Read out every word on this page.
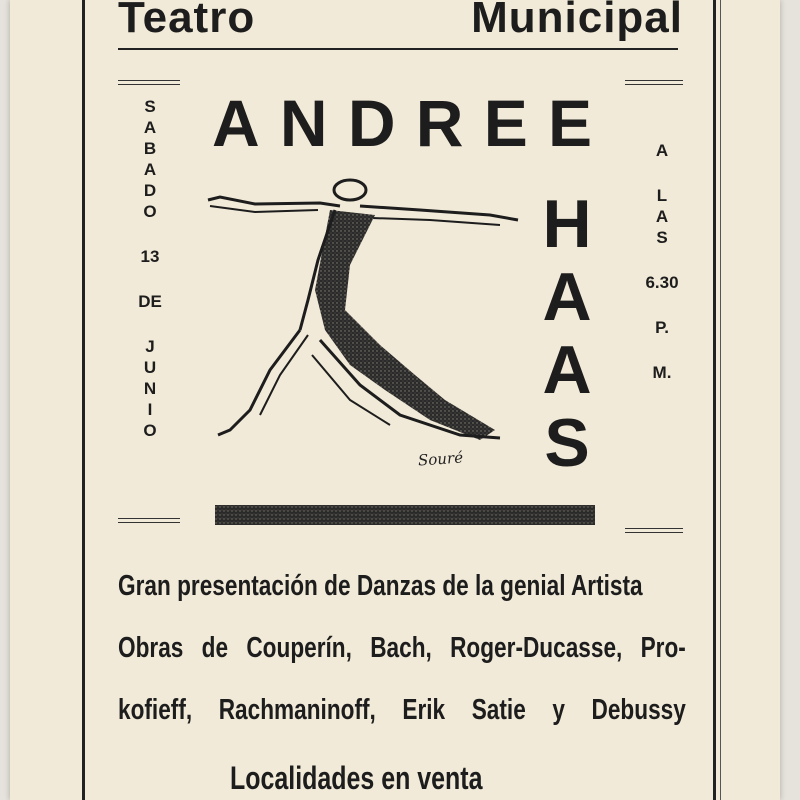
Teatro	Municipal
A N D R E E
S
A
B
A
D
O
13
DE
J
U
N
I
O
A
L
A
S
6.30
P.
M.
H
A
A
S
Souré
Gran presentación de Danzas de la genial Artista
Obras de Couperín, Bach, Roger-Ducasse, Pro-
kofieff, Rachmaninoff, Erik Satie y Debussy
Localidades en venta
